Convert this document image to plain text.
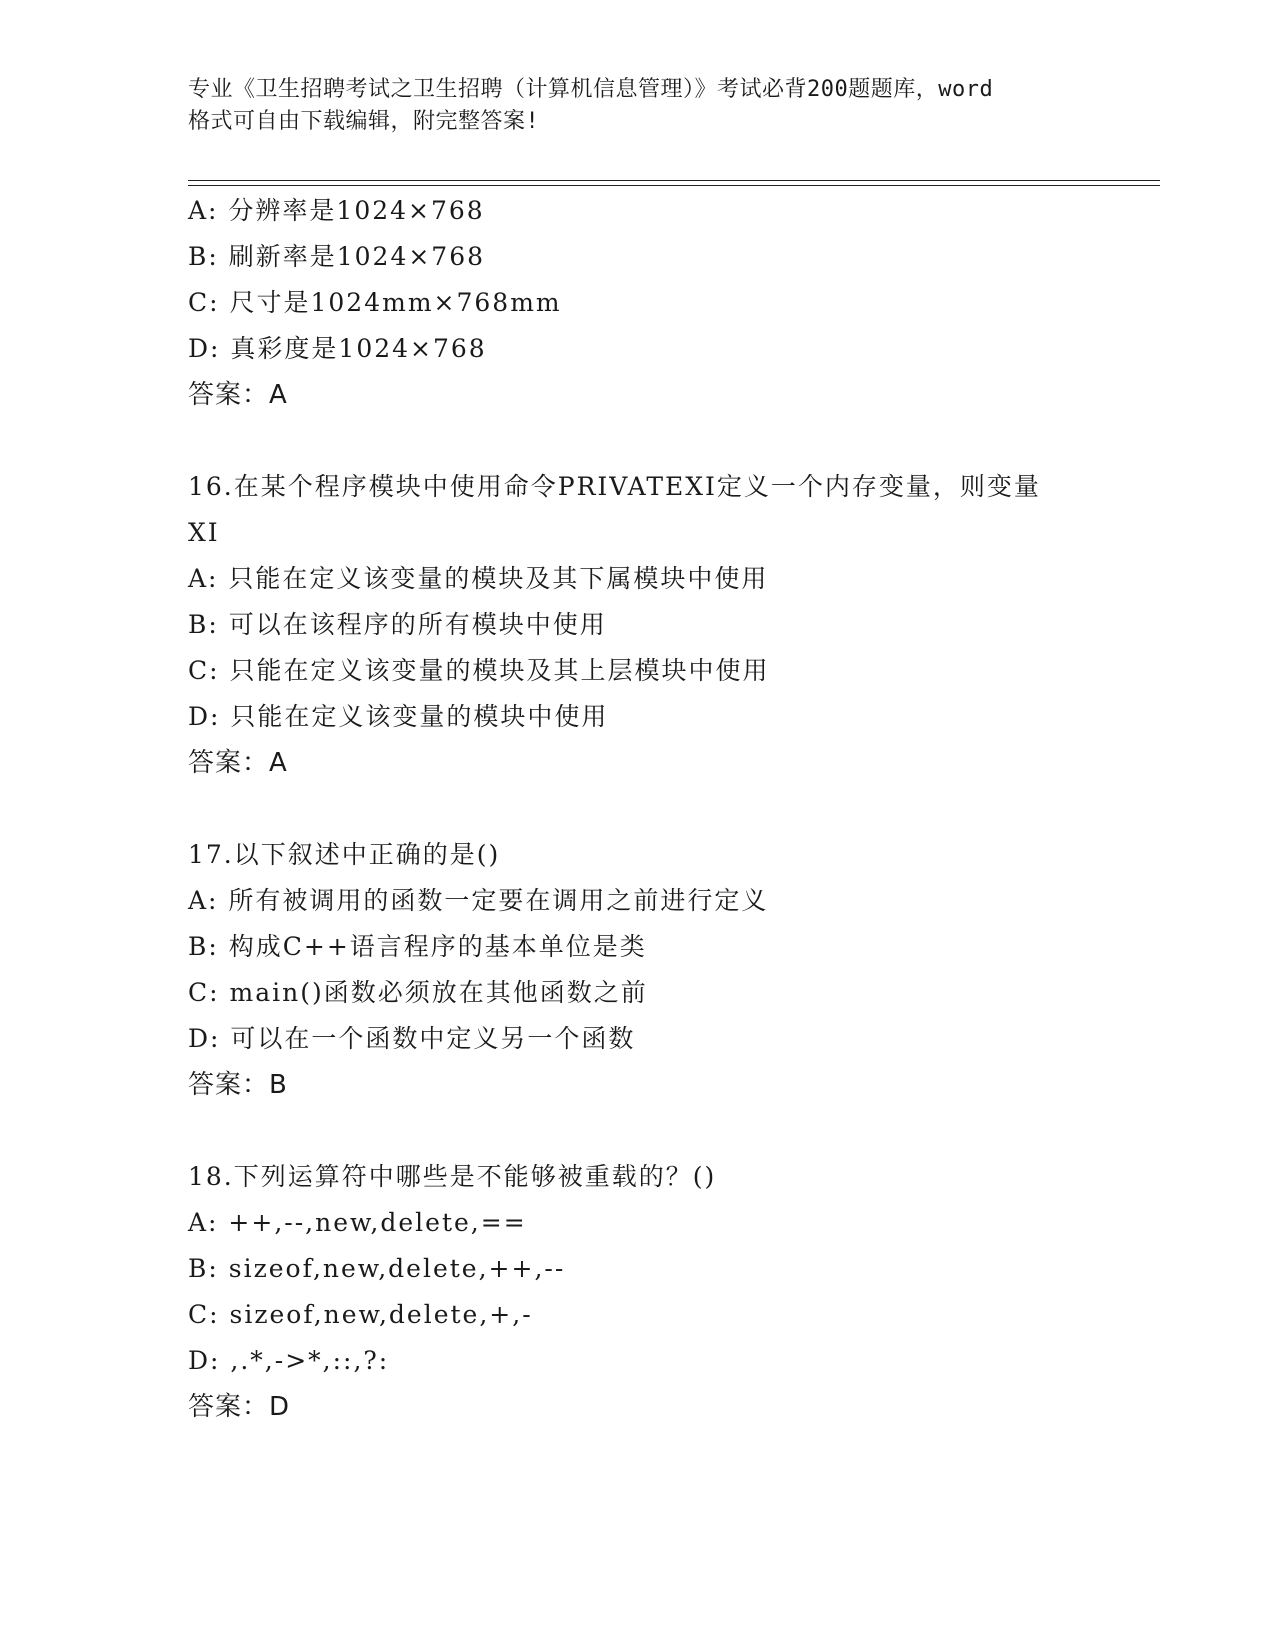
专业《卫生招聘考试之卫生招聘（计算机信息管理）》考试必背200题题库，word
格式可自由下载编辑，附完整答案!
A: 分辨率是1024×768
B: 刷新率是1024×768
C: 尺寸是1024mm×768mm
D: 真彩度是1024×768
答案：A
16.在某个程序模块中使用命令PRIVATEXI定义一个内存变量，则变量
XI
A: 只能在定义该变量的模块及其下属模块中使用
B: 可以在该程序的所有模块中使用
C: 只能在定义该变量的模块及其上层模块中使用
D: 只能在定义该变量的模块中使用
答案：A
17.以下叙述中正确的是()
A: 所有被调用的函数一定要在调用之前进行定义
B: 构成C++语言程序的基本单位是类
C: main()函数必须放在其他函数之前
D: 可以在一个函数中定义另一个函数
答案：B
18.下列运算符中哪些是不能够被重载的？()
A: ++,--,new,delete,==
B: sizeof,new,delete,++,--
C: sizeof,new,delete,+,-
D: ,.*,->*,::,?:
答案：D
